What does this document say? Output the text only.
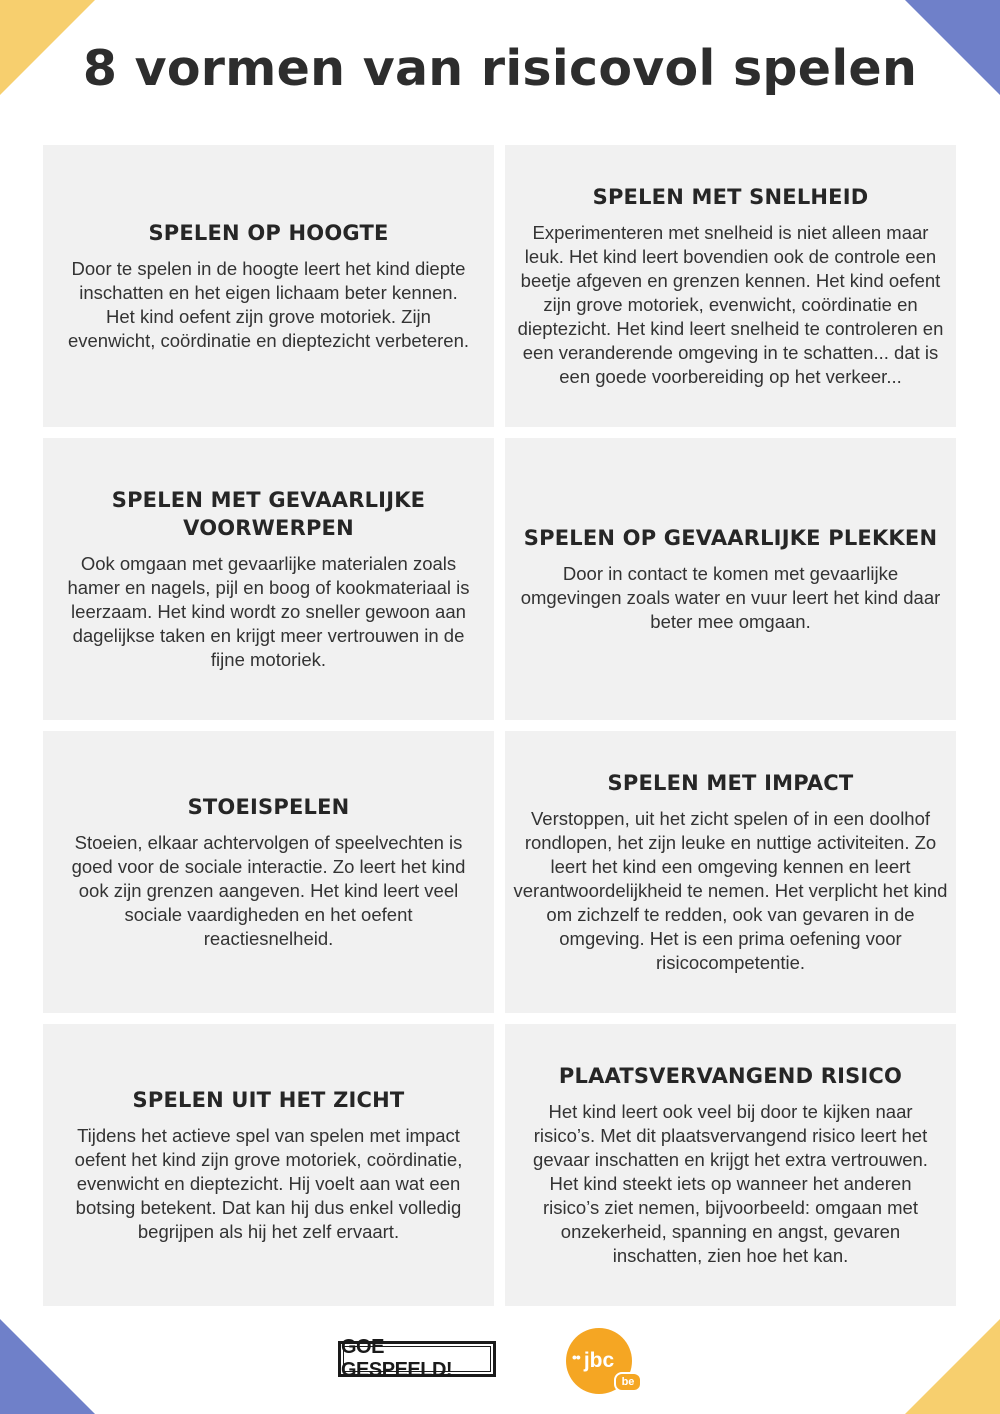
8 vormen van risicovol spelen
SPELEN OP HOOGTE

Door te spelen in de hoogte leert het kind diepte inschatten en het eigen lichaam beter kennen. Het kind oefent zijn grove motoriek. Zijn evenwicht, coördinatie en dieptezicht verbeteren.

SPELEN MET SNELHEID

Experimenteren met snelheid is niet alleen maar leuk. Het kind leert bovendien ook de controle een beetje afgeven en grenzen kennen. Het kind oefent zijn grove motoriek, evenwicht, coördinatie en dieptezicht. Het kind leert snelheid te controleren en een veranderende omgeving in te schatten... dat is een goede voorbereiding op het verkeer...

SPELEN MET GEVAARLIJKE VOORWERPEN

Ook omgaan met gevaarlijke materialen zoals hamer en nagels, pijl en boog of kookmateriaal is leerzaam. Het kind wordt zo sneller gewoon aan dagelijkse taken en krijgt meer vertrouwen in de fijne motoriek.

SPELEN OP GEVAARLIJKE PLEKKEN

Door in contact te komen met gevaarlijke omgevingen zoals water en vuur leert het kind daar beter mee omgaan.

STOEISPELEN

Stoeien, elkaar achtervolgen of speelvechten is goed voor de sociale interactie. Zo leert het kind ook zijn grenzen aangeven. Het kind leert veel sociale vaardigheden en het oefent reactiesnelheid.

SPELEN MET IMPACT

Verstoppen, uit het zicht spelen of in een doolhof rondlopen, het zijn leuke en nuttige activiteiten. Zo leert het kind een omgeving kennen en leert verantwoordelijkheid te nemen. Het verplicht het kind om zichzelf te redden, ook van gevaren in de omgeving. Het is een prima oefening voor risicocompetentie.

SPELEN UIT HET ZICHT

Tijdens het actieve spel van spelen met impact oefent het kind zijn grove motoriek, coördinatie, evenwicht en dieptezicht. Hij voelt aan wat een botsing betekent. Dat kan hij dus enkel volledig begrijpen als hij het zelf ervaart.

PLAATSVERVANGEND RISICO

Het kind leert ook veel bij door te kijken naar risico’s. Met dit plaatsvervangend risico leert het gevaar inschatten en krijgt het extra vertrouwen. Het kind steekt iets op wanneer het anderen risico’s ziet nemen, bijvoorbeeld: omgaan met onzekerheid, spanning en angst, gevaren inschatten, zien hoe het kan.

GOE GESPEELD!
•• jbc
be
